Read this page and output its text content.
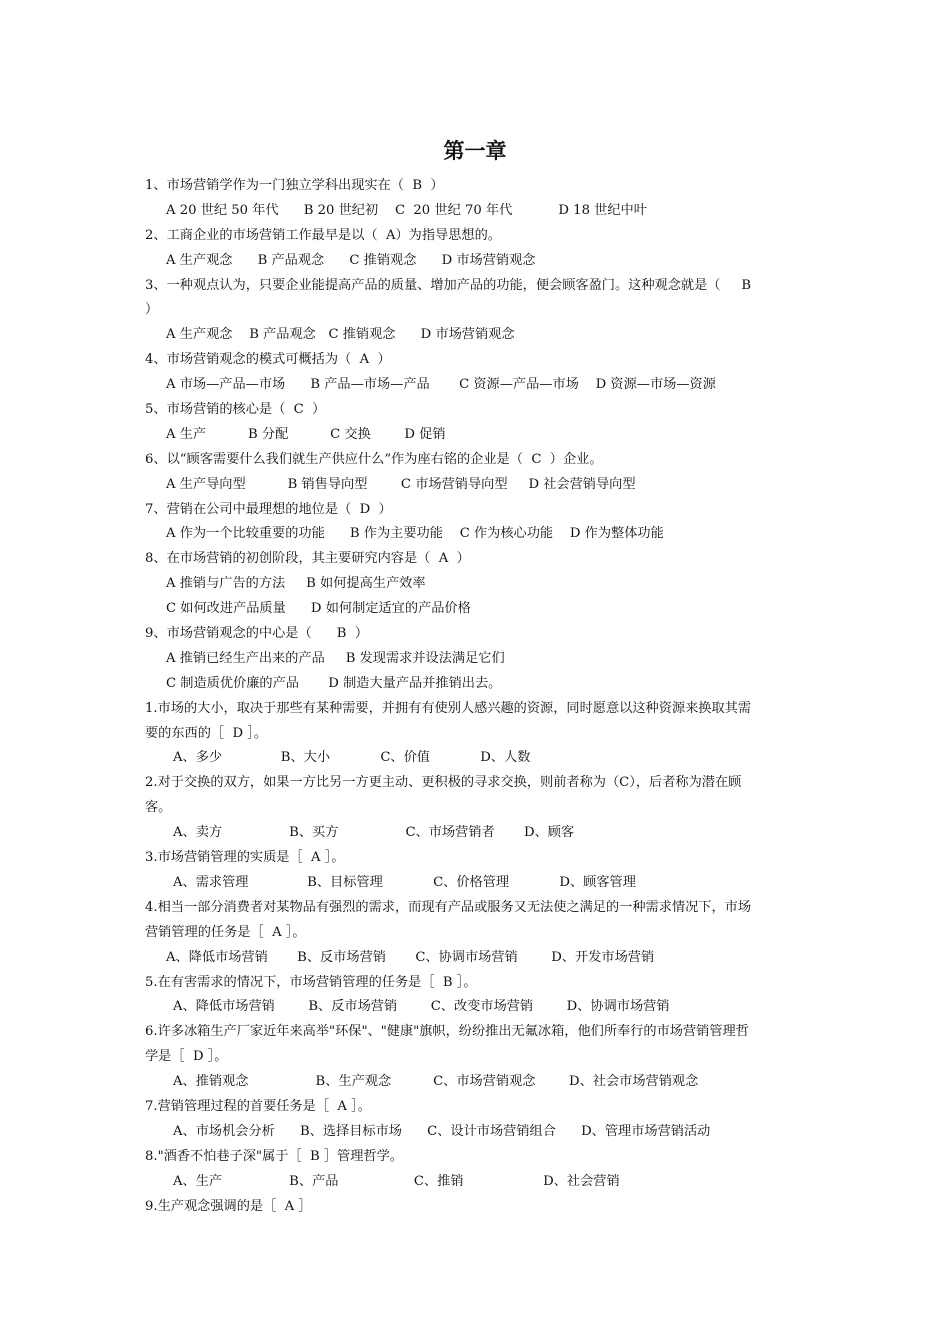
第一章
1、市场营销学作为一门独立学科出现实在（  B  ）
A 20 世纪 50 年代      B 20 世纪初    C  20 世纪 70 年代           D 18 世纪中叶
2、工商企业的市场营销工作最早是以（  A）为指导思想的。
A 生产观念      B 产品观念      C 推销观念      D 市场营销观念
3、一种观点认为，只要企业能提高产品的质量、增加产品的功能，便会顾客盈门。这种观念就是（     B
）
A 生产观念    B 产品观念   C 推销观念      D 市场营销观念
4、市场营销观念的模式可概括为（  A  ）
A 市场—产品—市场      B 产品—市场—产品       C 资源—产品—市场    D 资源—市场—资源
5、市场营销的核心是（  C  ）
A 生产          B 分配          C 交换        D 促销
6、以“顾客需要什么我们就生产供应什么”作为座右铭的企业是（  C  ）企业。
A 生产导向型          B 销售导向型        C 市场营销导向型     D 社会营销导向型
7、营销在公司中最理想的地位是（  D  ）
A 作为一个比较重要的功能      B 作为主要功能    C 作为核心功能    D 作为整体功能
8、在市场营销的初创阶段，其主要研究内容是（  A  ）
A 推销与广告的方法     B 如何提高生产效率
C 如何改进产品质量      D 如何制定适宜的产品价格
9、市场营销观念的中心是（      B  ）
A 推销已经生产出来的产品     B 发现需求并设法满足它们
C 制造质优价廉的产品       D 制造大量产品并推销出去。
1.市场的大小，取决于那些有某种需要，并拥有有使别人感兴趣的资源，同时愿意以这种资源来换取其需
要的东西的［  D ］。
A、多少              B、大小            C、价值            D、人数
2.对于交换的双方，如果一方比另一方更主动、更积极的寻求交换，则前者称为（C），后者称为潜在顾
客。
A、卖方                B、买方                C、市场营销者       D、顾客
3.市场营销管理的实质是［  A ］。
A、需求管理              B、目标管理            C、价格管理            D、顾客管理
4.相当一部分消费者对某物品有强烈的需求，而现有产品或服务又无法使之满足的一种需求情况下，市场
营销管理的任务是［  A ］。
A、降低市场营销       B、反市场营销       C、协调市场营销        D、开发市场营销
5.在有害需求的情况下，市场营销管理的任务是［  B ］。
A、降低市场营销        B、反市场营销        C、改变市场营销        D、协调市场营销
6.许多冰箱生产厂家近年来高举"环保"、"健康"旗帜，纷纷推出无氟冰箱，他们所奉行的市场营销管理哲
学是［  D ］。
A、推销观念                B、生产观念          C、市场营销观念        D、社会市场营销观念
7.营销管理过程的首要任务是［  A ］。
A、市场机会分析      B、选择目标市场      C、设计市场营销组合      D、管理市场营销活动
8."酒香不怕巷子深"属于［  B ］管理哲学。
A、生产                B、产品                  C、推销                   D、社会营销
9.生产观念强调的是［  A ］
